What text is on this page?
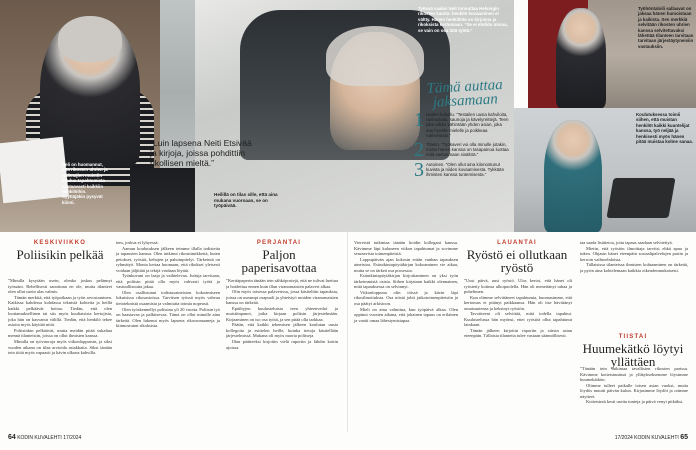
Työssä vaaksi Neli tunnuttaa Helsingin rikosten kautta: henkilö kuvaaminen ei vältty. Hänen henkilöitä on kirjoista ja rikoksista kertomaan. ”Se ei ehdidu minua, se vain on osa tätä työtä.”
Neli on huomannut, että rikosten uhrien ja todistajien muistiin kuuluu tapahtumista vastaavasti kaikkiin henkilöihin. Syyttäjäkin pysyvät kiinni.
”Luin lapsena Neiti Etsivää ja kirjoja, joissa pohdittiin rikollisen mieltä.”
Heilillä on tilas sille, että aina mukana vuoroaan, se on työpäivää.
Tämä auttaa jaksamaan
1 Uuden kokeilu. ”Testailen uusia kahviloita, ravintoloita, saunoja ja kävelyreittejä. Teen joka viikko vähintään yhden asian, joka saa hyvälle mielelle ja poikkeaa rutiineistani.”
2 Tilasto. ”Työkaveri voi olla minulle jotakin, mutta hänen kanssa on tasapainoa luottaa mitä vastaamaan sisältöä.”
3 Autoinen. ”Olen ollut aina kiinnostunut kuvista ja niiden kuvaamisesta. Tykkään ihmisten kanssa tuntemisesta.”
Työhöntaloili sallaavat on jaksaa hänen humoistaan ja kaikista. Sen merkkiä selvitään rikosten uhrien kanssa selvitettavaksi lähettää tilanteen tarvitaan tarvitaan järjestäytyneisiin vastauksiin.
Koulutuksessa toimii siihen, että muistan henkilöt kaikki kuuntelijat kanssa, työ neljää ja henkisesti myös hänen pitää muistaa kolme sanaa.
KESKIVIIKKO
Poliisikin pelkää
PERJANTAI
Paljon paperisavottaa
LAUANTAI
Ryöstö ei ollutkaan ryöstö
TIISTAI
Huumekätkö löytyi yllättäen

”Minulla kysytään usein, olenko joskus pelännyt työssäni. Rehellisesti sanottuna en ole, mutta tilanteet olen ollut usein alas valmis.

Tämän merkitä, että työpoikaan ja työn arvostaminen. Kaikissa kahdessa kohdassa teknisiä kohteita ja heillä kaikki pelkäävät hoitaa. Tiedän, että olen luottamuksellinen tai siis myös kuuliaisista kertojista, joka hän on kasvanut välillä. Tiedän, että henkilö tekee asioita myös käyttää niitä.

Poliisinkin pelkäävät, mutta meidän pitää uskaltaa mennä tilanteisiin, joissa on ollut ihmisten kanssa.

Minulla on työvuoroja myös viikonloppuisin, ja siksi vuoden aikana on tilaa arvioida asiakkaita. Siksi tänään tein töitä myös vapaasti ja kävin ulkona kahvilla.

tem, joskus ei lyhyessä.

Aamun koulutuksen jälkeen teimme illalla todisteita ja tapausten kanssa. Olen tutkinut rikosnimikkeitä, kuten petokset, ryöstöt, kehojen ja pahoinpitelyt. Tärkeintä on ryhmätyö. Monta kertaa huomaan, että rikokset yleisesti voidaan jäljittää ja tekijä voidaan löytää.

Työnkuvani on laaja ja vaihtelevaa. Juttuja tarvitaan, että poliisin pitää olla myös vahvasti työtä ja vastuullisuutta jakaa.

Olen osallistunut todistusaineiston kokoamiseen lukuisissa rikosasioissa. Tarvitsen työssä myös vahvaa tietoteknistä osaamista ja valmiutta toimia nopeasti.

Olen työskennellyt poliisina yli 20 vuotta. Poliisin työ on haastavaa ja palkitsevaa. Tämä on ollut minulle aina tärkeää. Olen lukenut myös lapsena rikosromaaneja ja kiinnostunut rikoksista.

”Kerttäpaperin tänään tein sähköpostejä, että ne tulivat luettua ja hoidettua ennen kuin illan viranomaisten palaveri alkaa.

Olin myös toisessa palaverissa, jossa käsiteltiin tapauksia, joissa on useampi osapuoli ja yhteistyö muiden viranomaisten kanssa on tärkeää.

Epäiltyjen kuulusteluista teen yhteenvedot ja muistiinpanot, jotka kirjaan poliisin järjestelmään. Kirjaaminen on iso osa työtä, ja sen pitää olla tarkkaa.

Päätin, että kaikki tekemisen jälkeen koulutan uusia kollegoita ja esittelen heille, kuinka tietoja käsitellään järjestelmissä. Mukana oli myös nuoria poliiseja.

Illan päätteeksi kirjoitin vielä raportin ja lähdin kotiin ajoissa.

Viereistä tutkintaa tänään hoidin kollegani kanssa. Kävimme läpi kuluneen viikon tapahtumat ja sovimme seuraavista toimenpiteistä.

Loppupäivän ajan kokosin erään vanhan tapauksen aineistoa. Esitutkintapöytäkirjan kokoaminen vie aikaa, mutta se on tärkeä osa prosessia.

Esitutkintapöytäkirjan kirjoittaminen on yksi työn tärkeimmistä osista. Siihen kirjataan kaikki olennainen, mitä tapauksessa on selvinnyt.

Viikonloppuna olin töissä ja kävin läpi rikosilmoituksia. Osa niistä johti jatkotoimenpiteisiin ja osa päätyi arkistoon.

Mieli on aina valmiina, kun työpäivä alkaa. Olen oppinut vuosien aikana, että jokainen tapaus on erilainen ja vaatii omaa lähestymistapaa.

”Uusi päivä, uusi ryöstö. Ulos kertoi, että hänet oli ryöstetty kotinsa ulkopuolella. Hän oli menettänyt rahaa ja puhelimen.

Kun olimme selvittäneet tapahtumia, huomasimme, että kertomus ei pitänyt paikkaansa. Hän oli itse hävittänyt omaisuutensa ja keksinyt ryöstön.

Tavoitteeni oli selvittää, mitä todella tapahtui. Kuulustelussa hän myönsi, ettei ryöstöä ollut tapahtunut lainkaan.

Tämän jälkeen kirjoitin raportin ja siirsin asian eteenpäin. Tällaisia tilanteita tulee vastaan säännöllisesti.

taa saada lisätietoa, jotta tapaus saadaan selvitettyä.

Mietin, että ryöstön ilmoittaja tarvitsi ehkä apua ja tukea. Ohjasin hänet eteenpäin sosiaalipalvelujen pariin ja kerroin vaihtoehdoista.

Tällaisissa tilanteissa ihmisten kohtaaminen on tärkeää, ja pyrin aina kohtelemaan kaikkia oikeudenmukaisesti.

”Tänään tein tutkintaa tavallisten rikosten parissa. Kävimme kotietsinnässä ja yllätykseksemme löysimme huumekätkön.

Olimme tulleet paikalle toisen asian vuoksi, mutta löydös muutti päivän kulun. Kirjasimme löydöt ja otimme näytteet.

Kotietsintä kesti useita tunteja ja päivä venyi pitkäksi.

64 KODIN KUVALEHTI 17/2024	17/2024 KODIN KUVALEHTI 65
